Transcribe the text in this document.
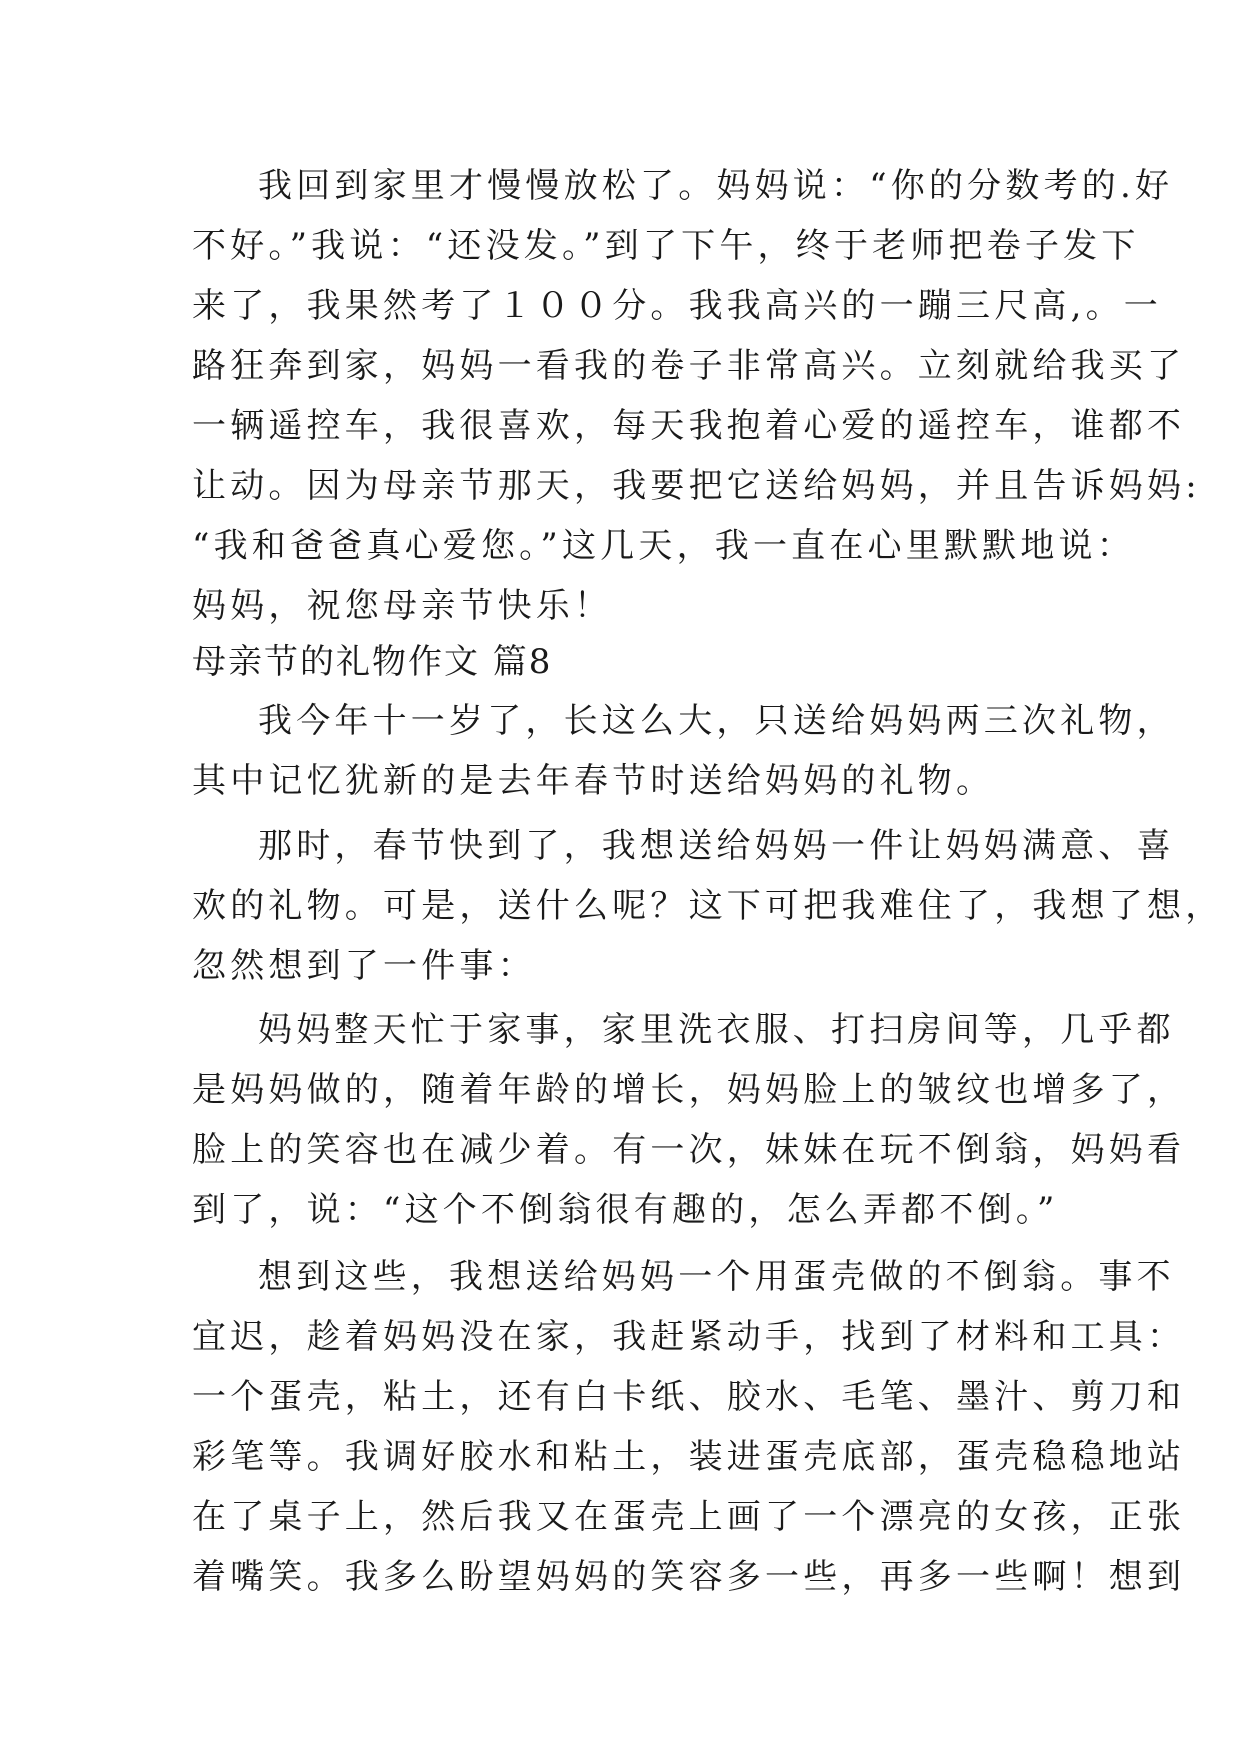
我回到家里才慢慢放松了。妈妈说：“你的分数考的.好
不好。”我说：“还没发。”到了下午，终于老师把卷子发下
来了，我果然考了１００分。我我高兴的一蹦三尺高,。一
路狂奔到家，妈妈一看我的卷子非常高兴。立刻就给我买了
一辆遥控车，我很喜欢，每天我抱着心爱的遥控车，谁都不
让动。因为母亲节那天，我要把它送给妈妈，并且告诉妈妈:
“我和爸爸真心爱您。”这几天，我一直在心里默默地说：
妈妈，祝您母亲节快乐！
母亲节的礼物作文 篇8
我今年十一岁了，长这么大，只送给妈妈两三次礼物，
其中记忆犹新的是去年春节时送给妈妈的礼物。
那时，春节快到了，我想送给妈妈一件让妈妈满意、喜
欢的礼物。可是，送什么呢？这下可把我难住了，我想了想，
忽然想到了一件事：
妈妈整天忙于家事，家里洗衣服、打扫房间等，几乎都
是妈妈做的，随着年龄的增长，妈妈脸上的皱纹也增多了，
脸上的笑容也在减少着。有一次，妹妹在玩不倒翁，妈妈看
到了，说：“这个不倒翁很有趣的，怎么弄都不倒。”
想到这些，我想送给妈妈一个用蛋壳做的不倒翁。事不
宜迟，趁着妈妈没在家，我赶紧动手，找到了材料和工具：
一个蛋壳，粘土，还有白卡纸、胶水、毛笔、墨汁、剪刀和
彩笔等。我调好胶水和粘土，装进蛋壳底部，蛋壳稳稳地站
在了桌子上，然后我又在蛋壳上画了一个漂亮的女孩，正张
着嘴笑。我多么盼望妈妈的笑容多一些，再多一些啊！想到
